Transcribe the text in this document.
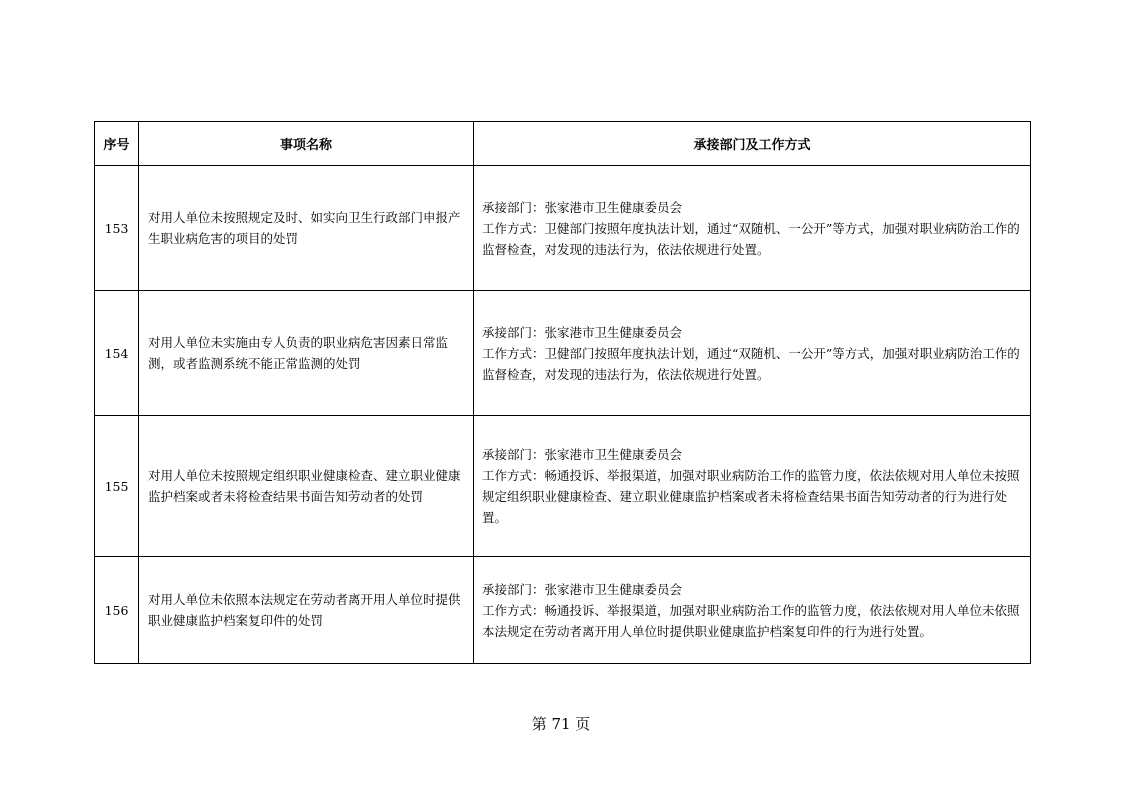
序号	事项名称	承接部门及工作方式
153	对用人单位未按照规定及时、如实向卫生行政部门申报产生职业病危害的项目的处罚	承接部门：张家港市卫生健康委员会
工作方式：卫健部门按照年度执法计划，通过“双随机、一公开”等方式，加强对职业病防治工作的监督检查，对发现的违法行为，依法依规进行处置。

154	对用人单位未实施由专人负责的职业病危害因素日常监测，或者监测系统不能正常监测的处罚	承接部门：张家港市卫生健康委员会
工作方式：卫健部门按照年度执法计划，通过“双随机、一公开”等方式，加强对职业病防治工作的监督检查，对发现的违法行为，依法依规进行处置。

155	对用人单位未按照规定组织职业健康检查、建立职业健康监护档案或者未将检查结果书面告知劳动者的处罚	承接部门：张家港市卫生健康委员会
工作方式：畅通投诉、举报渠道，加强对职业病防治工作的监管力度，依法依规对用人单位未按照规定组织职业健康检查、建立职业健康监护档案或者未将检查结果书面告知劳动者的行为进行处置。

156	对用人单位未依照本法规定在劳动者离开用人单位时提供职业健康监护档案复印件的处罚	承接部门：张家港市卫生健康委员会
工作方式：畅通投诉、举报渠道，加强对职业病防治工作的监管力度，依法依规对用人单位未依照本法规定在劳动者离开用人单位时提供职业健康监护档案复印件的行为进行处置。
第 71 页
